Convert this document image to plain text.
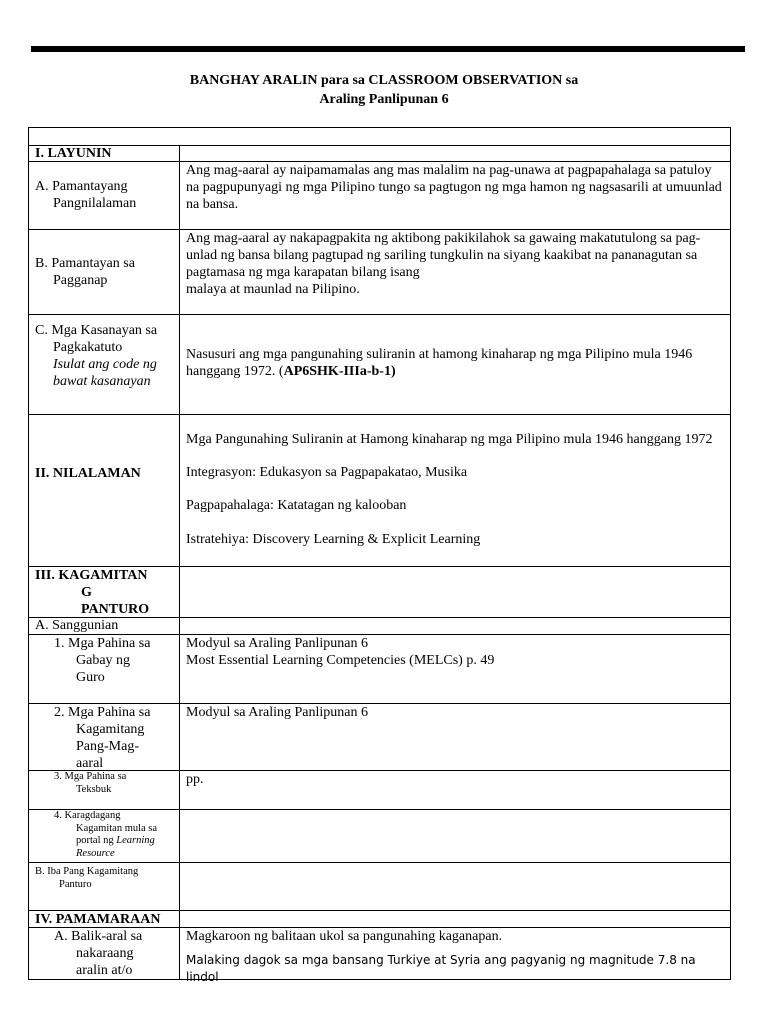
BANGHAY ARALIN para sa CLASSROOM OBSERVATION sa
Araling Panlipunan 6
I. LAYUNIN

A. Pamantayang

Pangnilalaman

Ang mag-aaral ay naipamamalas ang mas malalim na pag-unawa at pagpapahalaga sa patuloy na pagpupunyagi ng mga Pilipino tungo sa pagtugon ng mga hamon ng nagsasarili at umuunlad na bansa.

B. Pamantayan sa

Pagganap

Ang mag-aaral ay nakapagpakita ng aktibong pakikilahok sa gawaing makatutulong sa pag-unlad ng bansa bilang pagtupad ng sariling tungkulin na siyang kaakibat na pananagutan sa pagtamasa ng mga karapatan bilang isang

malaya at maunlad na Pilipino.

C. Mga Kasanayan sa

Pagkakatuto

Isulat ang code ng bawat kasanayan

Nasusuri ang mga pangunahing suliranin at hamong kinaharap ng mga Pilipino mula 1946 hanggang 1972. (AP6SHK-IIIa-b-1)

II. NILALAMAN

Mga Pangunahing Suliranin at Hamong kinaharap ng mga Pilipino mula 1946 hanggang 1972

Integrasyon: Edukasyon sa Pagpapakatao, Musika

Pagpapahalaga: Katatagan ng kalooban

Istratehiya: Discovery Learning & Explicit Learning

III. KAGAMITAN

G

PANTURO

A. Sanggunian

1. Mga Pahina sa

Gabay ng

Guro

Modyul sa Araling Panlipunan 6

Most Essential Learning Competencies (MELCs) p. 49

2. Mga Pahina sa

Kagamitang

Pang-Mag-

aaral

Modyul sa Araling Panlipunan 6

3. Mga Pahina sa

Teksbuk

pp.

4. Karagdagang

Kagamitan mula sa

portal ng Learning

Resource

B. Iba Pang Kagamitang

Panturo

IV. PAMAMARAAN

A. Balik-aral sa

nakaraang

aralin at/o

Magkaroon ng balitaan ukol sa pangunahing kaganapan.

Malaking dagok sa mga bansang Turkiye at Syria ang pagyanig ng magnitude 7.8 na lindol
